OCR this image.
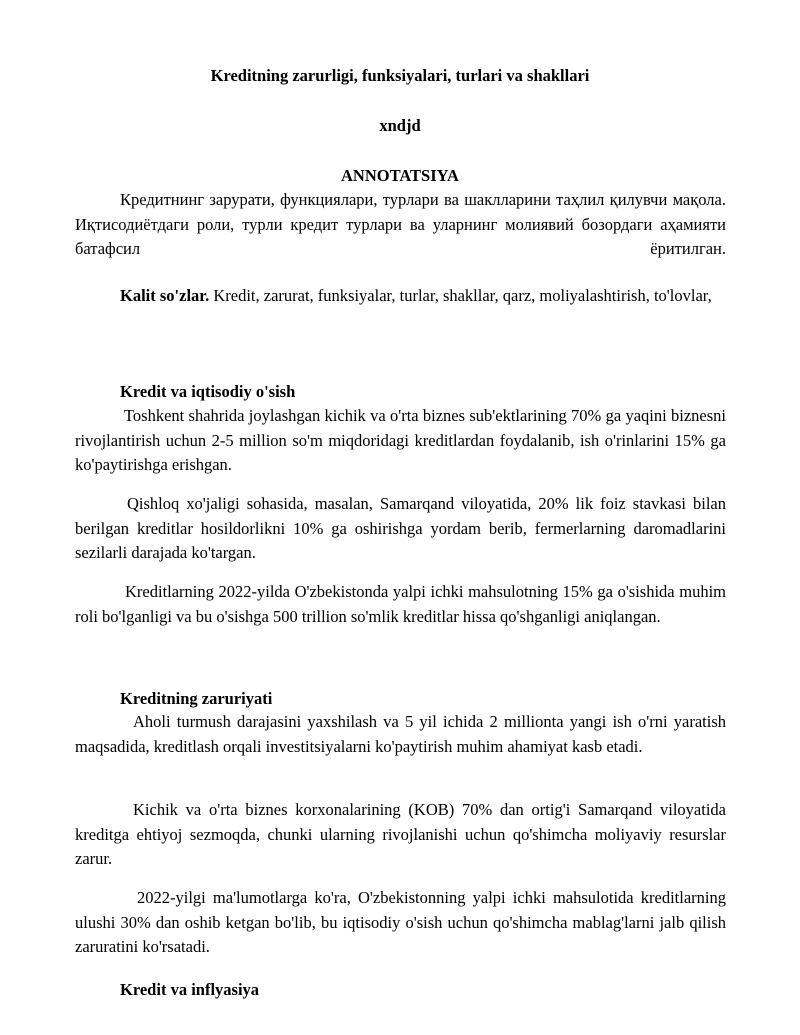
Kreditning zarurligi, funksiyalari, turlari va shakllari
xndjd
ANNOTATSIYA

Кредитнинг зарурати, функциялари, турлари ва шаклларини таҳлил қилувчи мақола. Иқтисодиётдаги роли, турли кредит турлари ва уларнинг молиявий бозордаги аҳамияти батафсил ёритилган.

Kalit so'zlar. Kredit, zarurat, funksiyalar, turlar, shakllar, qarz, moliyalashtirish, to'lovlar,

Kredit va iqtisodiy o'sish

Toshkent shahrida joylashgan kichik va o'rta biznes sub'ektlarining 70% ga yaqini biznesni rivojlantirish uchun 2-5 million so'm miqdoridagi kreditlardan foydalanib, ish o'rinlarini 15% ga ko'paytirishga erishgan.

Qishloq xo'jaligi sohasida, masalan, Samarqand viloyatida, 20% lik foiz stavkasi bilan berilgan kreditlar hosildorlikni 10% ga oshirishga yordam berib, fermerlarning daromadlarini sezilarli darajada ko'targan.

Kreditlarning 2022-yilda O'zbekistonda yalpi ichki mahsulotning 15% ga o'sishida muhim roli bo'lganligi va bu o'sishga 500 trillion so'mlik kreditlar hissa qo'shganligi aniqlangan.

Kreditning zaruriyati

Aholi turmush darajasini yaxshilash va 5 yil ichida 2 millionta yangi ish o'rni yaratish maqsadida, kreditlash orqali investitsiyalarni ko'paytirish muhim ahamiyat kasb etadi.

Kichik va o'rta biznes korxonalarining (KOB) 70% dan ortig'i Samarqand viloyatida kreditga ehtiyoj sezmoqda, chunki ularning rivojlanishi uchun qo'shimcha moliyaviy resurslar zarur.

2022-yilgi ma'lumotlarga ko'ra, O'zbekistonning yalpi ichki mahsulotida kreditlarning ulushi 30% dan oshib ketgan bo'lib, bu iqtisodiy o'sish uchun qo'shimcha mablag'larni jalb qilish zaruratini ko'rsatadi.

Kredit va inflyasiya
